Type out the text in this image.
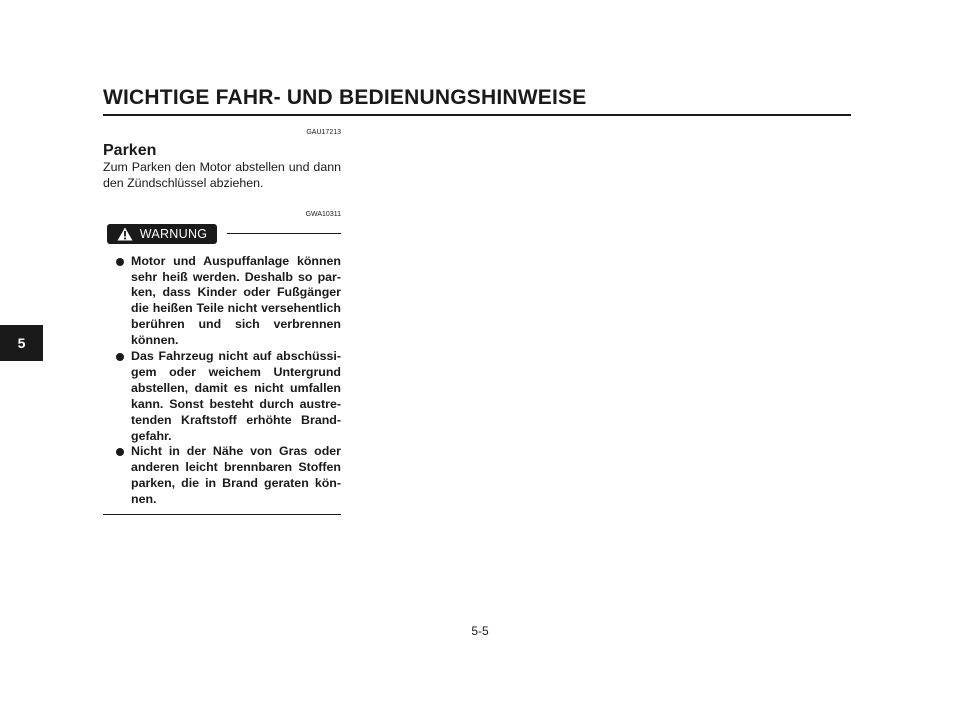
WICHTIGE FAHR- UND BEDIENUNGSHINWEISE
5
GAU17213
Parken
Zum Parken den Motor abstellen und dann den Zündschlüssel abziehen.
GWA10311
WARNUNG
Motor und Auspuffanlage können sehr heiß werden. Deshalb so parken, dass Kinder oder Fußgänger die heißen Teile nicht versehentlich berühren und sich verbrennen können.
Das Fahrzeug nicht auf abschüssigem oder weichem Untergrund abstellen, damit es nicht umfallen kann. Sonst besteht durch austretenden Kraftstoff erhöhte Brandgefahr.
Nicht in der Nähe von Gras oder anderen leicht brennbaren Stoffen parken, die in Brand geraten können.
5-5
